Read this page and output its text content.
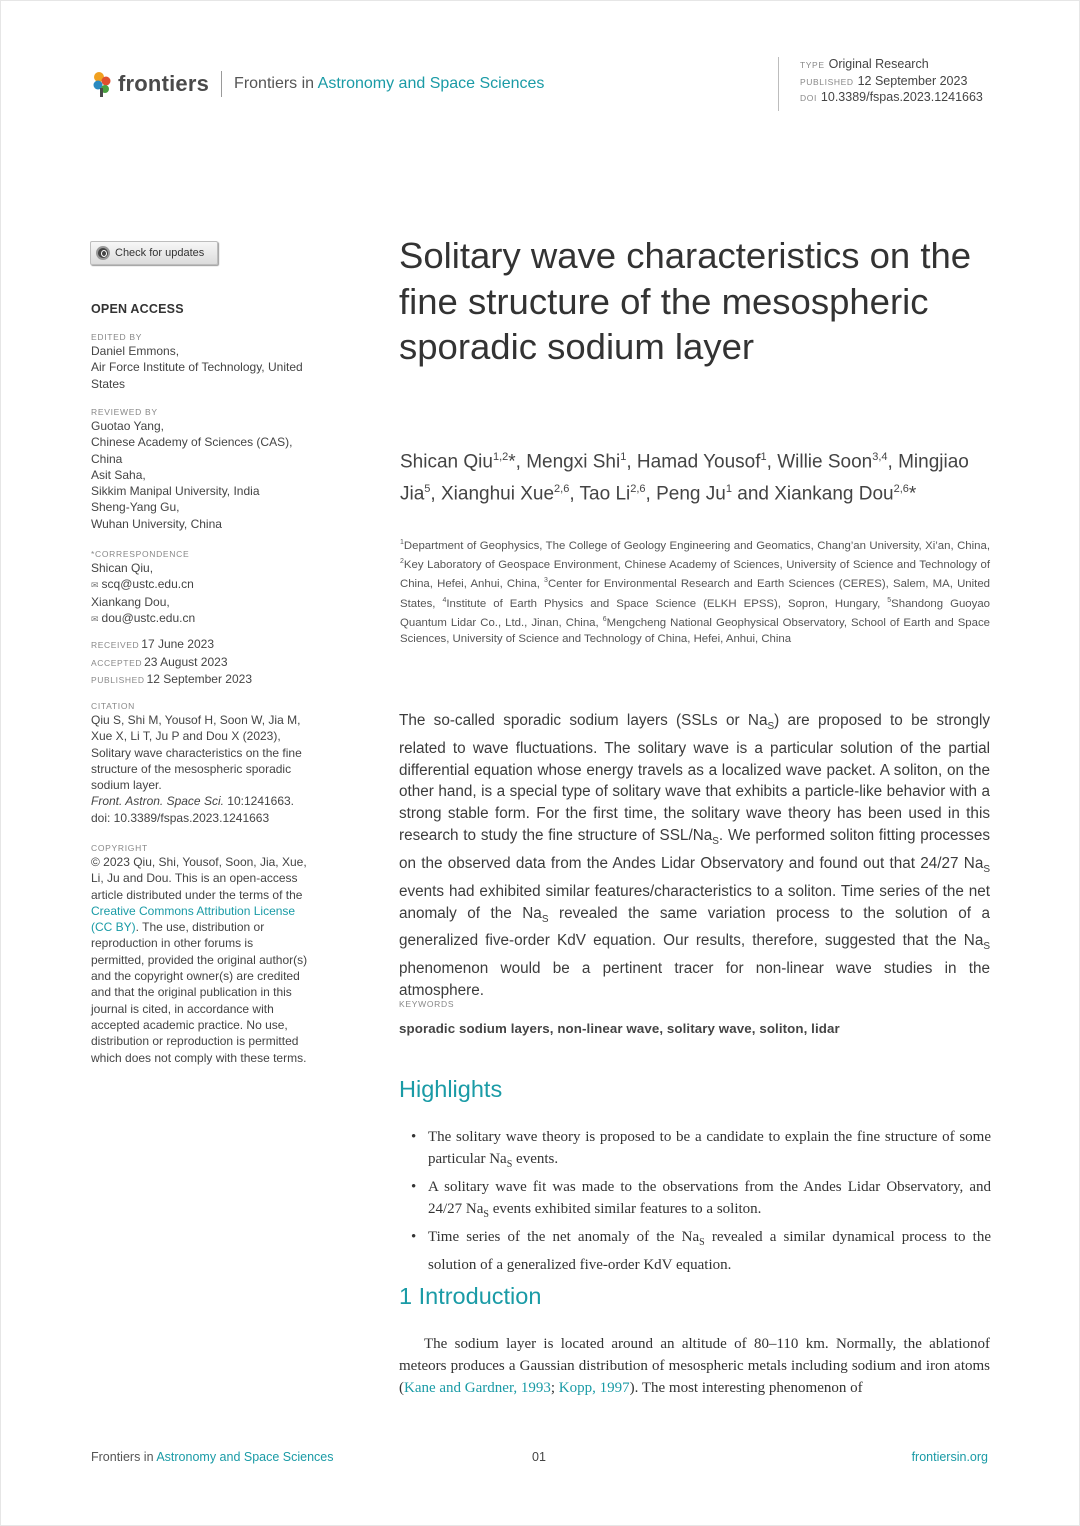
frontiers Frontiers in Astronomy and Space Sciences
TYPE Original Research
PUBLISHED 12 September 2023
DOI 10.3389/fspas.2023.1241663
Check for updates
OPEN ACCESS
EDITED BY
Daniel Emmons,
Air Force Institute of Technology, United
States
REVIEWED BY
Guotao Yang,
Chinese Academy of Sciences (CAS),
China
Asit Saha,
Sikkim Manipal University, India
Sheng-Yang Gu,
Wuhan University, China
*CORRESPONDENCE
Shican Qiu,
✉ scq@ustc.edu.cn
Xiankang Dou,
✉ dou@ustc.edu.cn
RECEIVED 17 June 2023
ACCEPTED 23 August 2023
PUBLISHED 12 September 2023
CITATION
Qiu S, Shi M, Yousof H, Soon W, Jia M,
Xue X, Li T, Ju P and Dou X (2023),
Solitary wave characteristics on the fine
structure of the mesospheric sporadic
sodium layer.
Front. Astron. Space Sci. 10:1241663.
doi: 10.3389/fspas.2023.1241663
COPYRIGHT
© 2023 Qiu, Shi, Yousof, Soon, Jia, Xue,
Li, Ju and Dou. This is an open-access
article distributed under the terms of the
Creative Commons Attribution License
(CC BY). The use, distribution or
reproduction in other forums is
permitted, provided the original author(s)
and the copyright owner(s) are credited
and that the original publication in this
journal is cited, in accordance with
accepted academic practice. No use,
distribution or reproduction is permitted
which does not comply with these terms.
Solitary wave characteristics on the fine structure of the mesospheric sporadic sodium layer
Shican Qiu$^{1,2}$*, Mengxi Shi$^1$, Hamad Yousof$^1$, Willie Soon$^{3,4}$, Mingjiao Jia$^5$, Xianghui Xue$^{2,6}$, Tao Li$^{2,6}$, Peng Ju$^1$ and Xiankang Dou$^{2,6}$*
$^1$Department of Geophysics, The College of Geology Engineering and Geomatics, Chang’an University, Xi’an, China, $^2$Key Laboratory of Geospace Environment, Chinese Academy of Sciences, University of Science and Technology of China, Hefei, Anhui, China, $^3$Center for Environmental Research and Earth Sciences (CERES), Salem, MA, United States, $^4$Institute of Earth Physics and Space Science (ELKH EPSS), Sopron, Hungary, $^5$Shandong Guoyao Quantum Lidar Co., Ltd., Jinan, China, $^6$Mengcheng National Geophysical Observatory, School of Earth and Space Sciences, University of Science and Technology of China, Hefei, Anhui, China
The so-called sporadic sodium layers (SSLs or $Na_S$) are proposed to be strongly related to wave fluctuations. The solitary wave is a particular solution of the partial differential equation whose energy travels as a localized wave packet. A soliton, on the other hand, is a special type of solitary wave that exhibits a particle-like behavior with a strong stable form. For the first time, the solitary wave theory has been used in this research to study the fine structure of SSL/$Na_S$. We performed soliton fitting processes on the observed data from the Andes Lidar Observatory and found out that 24/27 $Na_S$ events had exhibited similar features/characteristics to a soliton. Time series of the net anomaly of the $Na_S$ revealed the same variation process to the solution of a generalized five-order KdV equation. Our results, therefore, suggested that the $Na_S$ phenomenon would be a pertinent tracer for non-linear wave studies in the atmosphere.
KEYWORDS
sporadic sodium layers, non-linear wave, solitary wave, soliton, lidar
Highlights
• The solitary wave theory is proposed to be a candidate to explain the fine structure of some particular $Na_S$ events.
• A solitary wave fit was made to the observations from the Andes Lidar Observatory, and 24/27 $Na_S$ events exhibited similar features to a soliton.
• Time series of the net anomaly of the $Na_S$ revealed a similar dynamical process to the solution of a generalized five-order KdV equation.
1 Introduction

The sodium layer is located around an altitude of 80–110 km. Normally, the ablationof meteors produces a Gaussian distribution of mesospheric metals including sodium and iron atoms (Kane and Gardner, 1993; Kopp, 1997). The most interesting phenomenon of

Frontiers in Astronomy and Space Sciences	01	frontiersin.org
